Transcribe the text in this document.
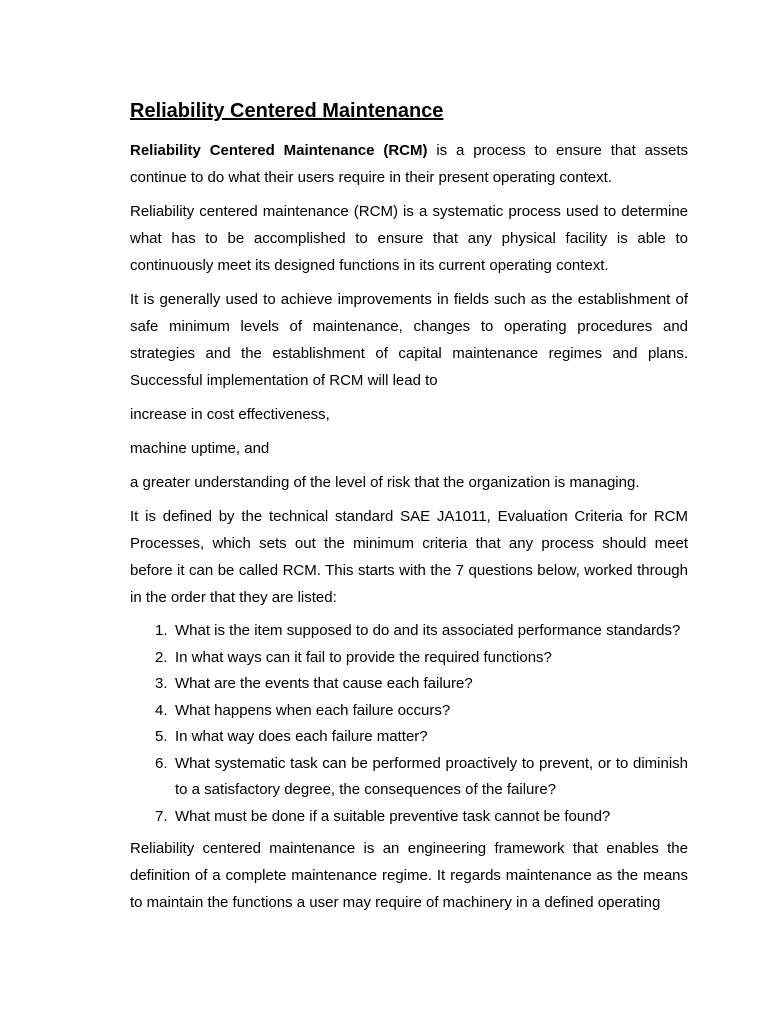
Reliability Centered Maintenance

Reliability Centered Maintenance (RCM) is a process to ensure that assets continue to do what their users require in their present operating context.

Reliability centered maintenance (RCM) is a systematic process used to determine what has to be accomplished to ensure that any physical facility is able to continuously meet its designed functions in its current operating context.

It is generally used to achieve improvements in fields such as the establishment of safe minimum levels of maintenance, changes to operating procedures and strategies and the establishment of capital maintenance regimes and plans. Successful implementation of RCM will lead to

increase in cost effectiveness,

machine uptime, and

a greater understanding of the level of risk that the organization is managing.

It is defined by the technical standard SAE JA1011, Evaluation Criteria for RCM Processes, which sets out the minimum criteria that any process should meet before it can be called RCM. This starts with the 7 questions below, worked through in the order that they are listed:

1. What is the item supposed to do and its associated performance standards?
2. In what ways can it fail to provide the required functions?
3. What are the events that cause each failure?
4. What happens when each failure occurs?
5. In what way does each failure matter?
6. What systematic task can be performed proactively to prevent, or to diminish to a satisfactory degree, the consequences of the failure?
7. What must be done if a suitable preventive task cannot be found?

Reliability centered maintenance is an engineering framework that enables the definition of a complete maintenance regime. It regards maintenance as the means to maintain the functions a user may require of machinery in a defined operating
